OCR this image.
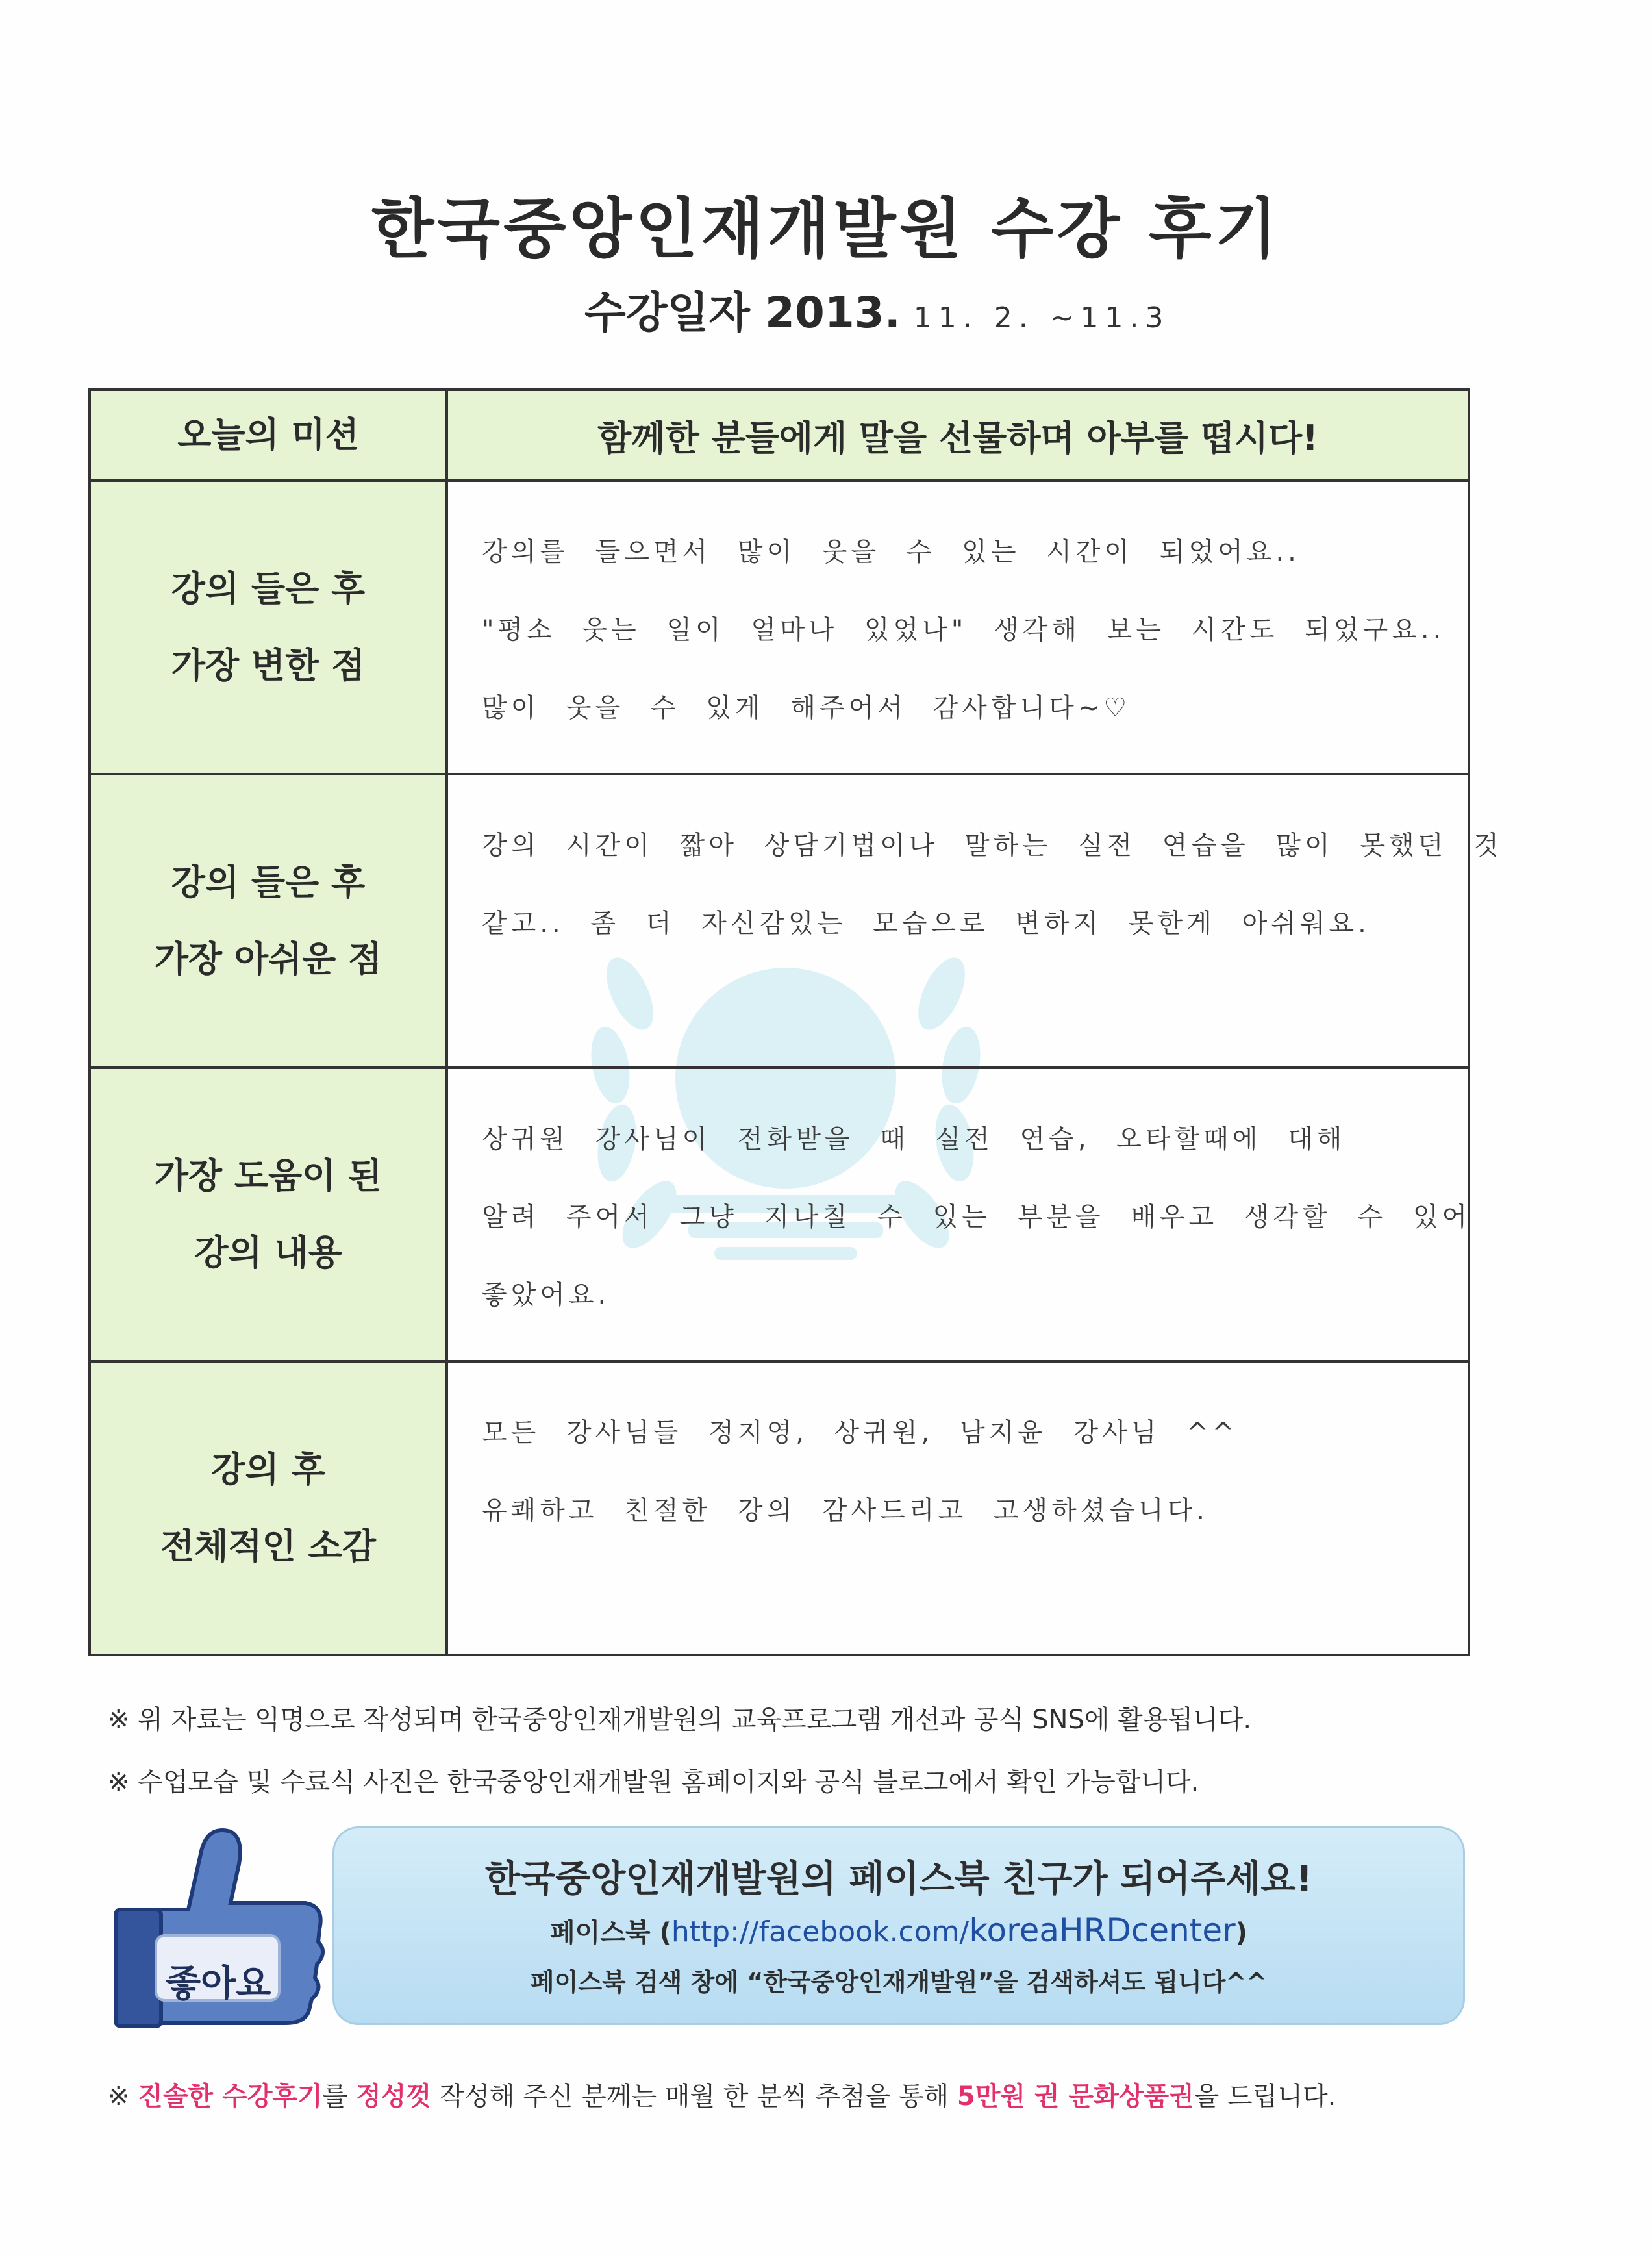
한국중앙인재개발원 수강 후기
수강일자 2013. 11. 2. ~11.3
오늘의 미션	함께한 분들에게 말을 선물하며 아부를 떱시다!
강의 들은 후
가장 변한 점
강의를 들으면서 많이 웃을 수 있는 시간이 되었어요..
"평소 웃는 일이 얼마나 있었나" 생각해 보는 시간도 되었구요..
많이 웃을 수 있게 해주어서 감사합니다~♡
강의 들은 후
가장 아쉬운 점
강의 시간이 짧아 상담기법이나 말하는 실전 연습을 많이 못했던 것
같고.. 좀 더 자신감있는 모습으로 변하지 못한게 아쉬워요.
가장 도움이 된
강의 내용
상귀원 강사님이 전화받을 때 실전 연습, 오타할때에 대해
알려 주어서 그냥 지나칠 수 있는 부분을 배우고 생각할 수 있어
좋았어요.
강의 후
전체적인 소감
모든 강사님들 정지영, 상귀원, 남지윤 강사님 ^^
유쾌하고 친절한 강의 감사드리고 고생하셨습니다.
※ 위 자료는 익명으로 작성되며 한국중앙인재개발원의 교육프로그램 개선과 공식 SNS에 활용됩니다.
※ 수업모습 및 수료식 사진은 한국중앙인재개발원 홈페이지와 공식 블로그에서 확인 가능합니다.
좋아요
한국중앙인재개발원의 페이스북 친구가 되어주세요!
페이스북 (http://facebook.com/koreaHRDcenter)
페이스북 검색 창에 “한국중앙인재개발원”을 검색하셔도 됩니다^^
※ 진솔한 수강후기를 정성껏 작성해 주신 분께는 매월 한 분씩 추첨을 통해 5만원 권 문화상품권을 드립니다.
